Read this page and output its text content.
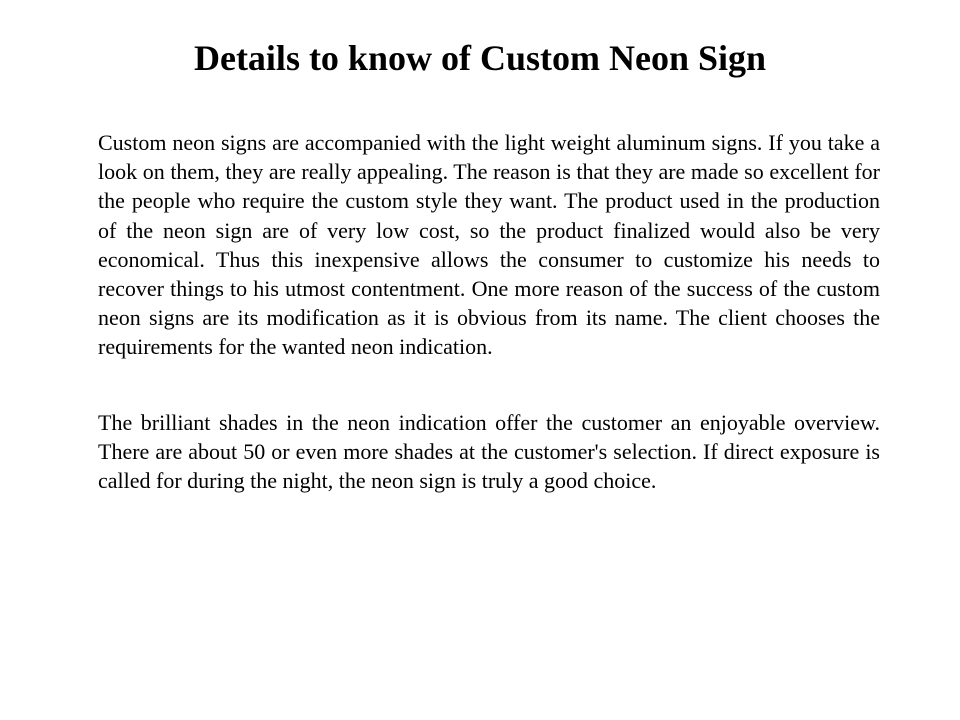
Details to know of Custom Neon Sign

Custom neon signs are accompanied with the light weight aluminum signs. If you take a look on them, they are really appealing. The reason is that they are made so excellent for the people who require the custom style they want. The product used in the production of the neon sign are of very low cost, so the product finalized would also be very economical. Thus this inexpensive allows the consumer to customize his needs to recover things to his utmost contentment. One more reason of the success of the custom neon signs are its modification as it is obvious from its name. The client chooses the requirements for the wanted neon indication.

The brilliant shades in the neon indication offer the customer an enjoyable overview. There are about 50 or even more shades at the customer's selection. If direct exposure is called for during the night, the neon sign is truly a good choice.
